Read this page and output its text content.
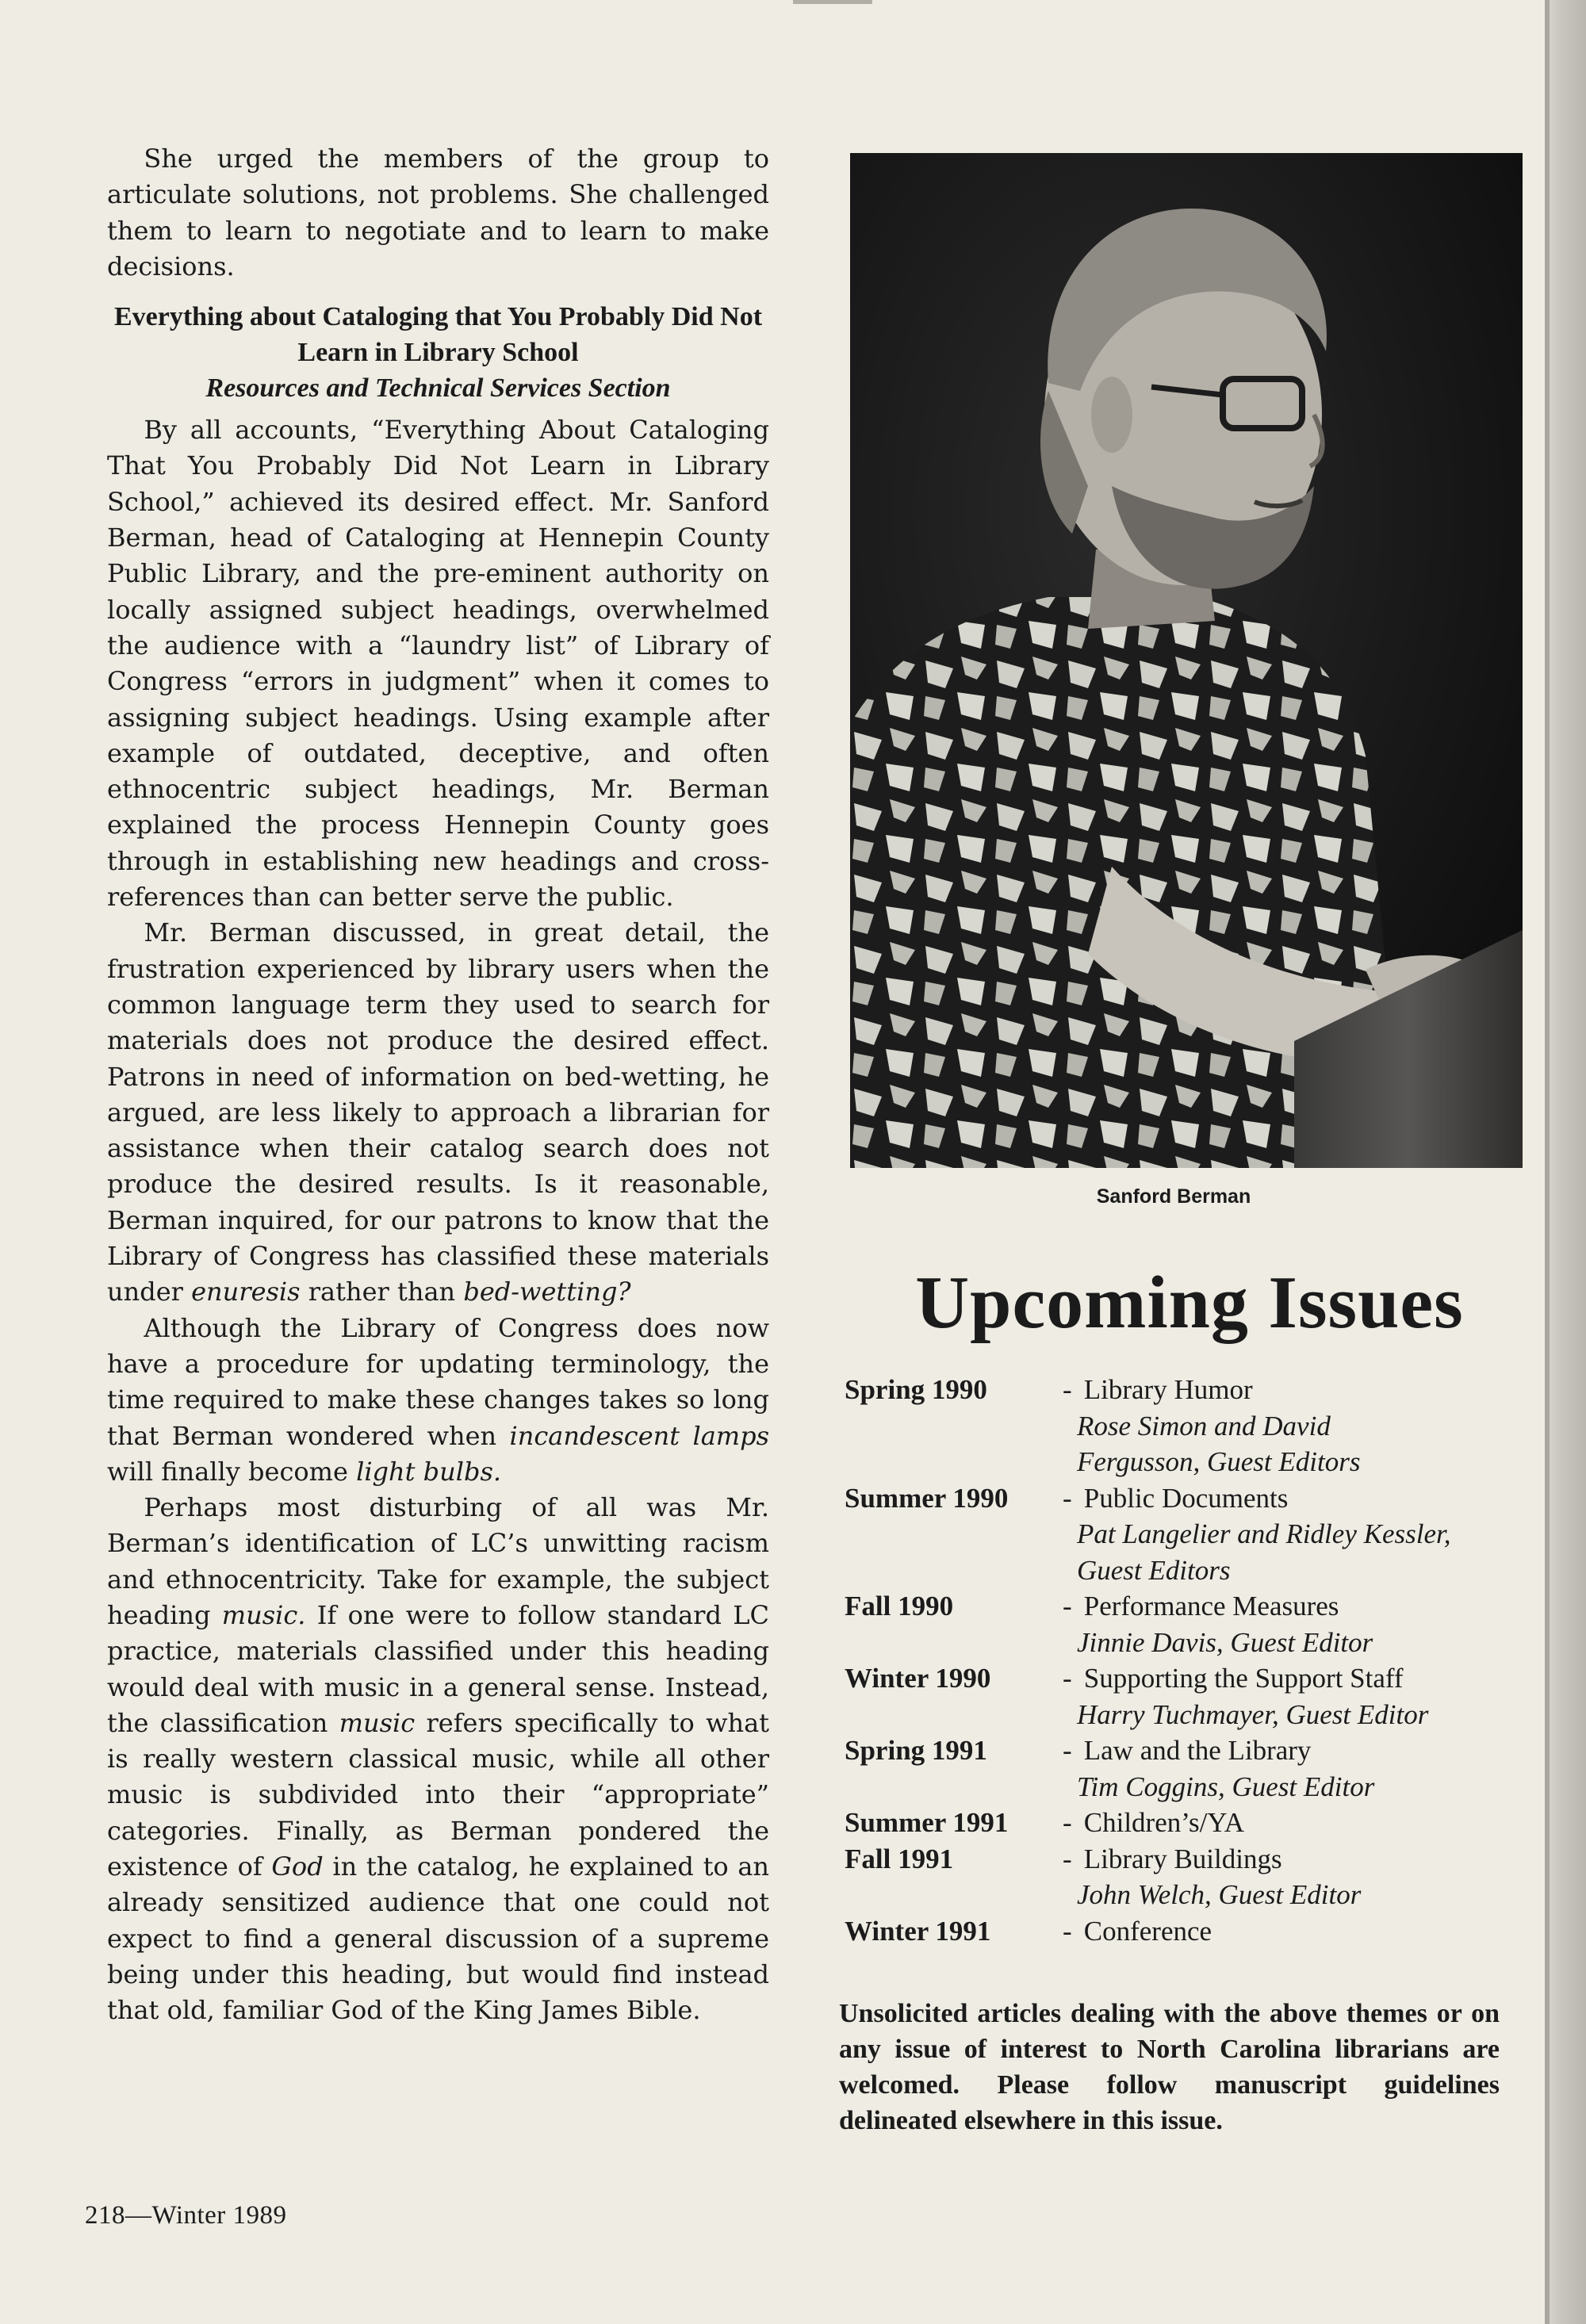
She urged the members of the group to articulate solutions, not problems. She challenged them to learn to negotiate and to learn to make decisions.

Everything about Cataloging that You Probably Did Not Learn in Library School
Resources and Technical Services Section

By all accounts, “Everything About Cataloging That You Probably Did Not Learn in Library School,” achieved its desired effect. Mr. Sanford Berman, head of Cataloging at Hennepin County Public Library, and the pre-eminent authority on locally assigned subject headings, overwhelmed the audience with a “laundry list” of Library of Congress “errors in judgment” when it comes to assigning subject headings. Using example after example of outdated, deceptive, and often ethnocentric subject headings, Mr. Berman explained the process Hennepin County goes through in establishing new headings and cross-references than can better serve the public.

Mr. Berman discussed, in great detail, the frustration experienced by library users when the common language term they used to search for materials does not produce the desired effect. Patrons in need of information on bed-wetting, he argued, are less likely to approach a librarian for assistance when their catalog search does not produce the desired results. Is it reasonable, Berman inquired, for our patrons to know that the Library of Congress has classified these materials under enuresis rather than bed-wetting?

Although the Library of Congress does now have a procedure for updating terminology, the time required to make these changes takes so long that Berman wondered when incandescent lamps will finally become light bulbs.

Perhaps most disturbing of all was Mr. Berman’s identification of LC’s unwitting racism and ethnocentricity. Take for example, the subject heading music. If one were to follow standard LC practice, materials classified under this heading would deal with music in a general sense. Instead, the classification music refers specifically to what is really western classical music, while all other music is subdivided into their “appropriate” categories. Finally, as Berman pondered the existence of God in the catalog, he explained to an already sensitized audience that one could not expect to find a general discussion of a supreme being under this heading, but would find instead that old, familiar God of the King James Bible.

218—Winter 1989
Sanford Berman
Upcoming Issues
Spring 1990	- Library Humor
Rose Simon and David
Fergusson, Guest Editors
Summer 1990	- Public Documents
Pat Langelier and Ridley Kessler,
Guest Editors
Fall 1990	- Performance Measures
Jinnie Davis, Guest Editor
Winter 1990	- Supporting the Support Staff
Harry Tuchmayer, Guest Editor
Spring 1991	- Law and the Library
Tim Coggins, Guest Editor
Summer 1991	- Children’s/YA
Fall 1991	- Library Buildings
John Welch, Guest Editor
Winter 1991	- Conference
Unsolicited articles dealing with the above themes or on any issue of interest to North Carolina librarians are welcomed. Please follow manuscript guidelines delineated elsewhere in this issue.
